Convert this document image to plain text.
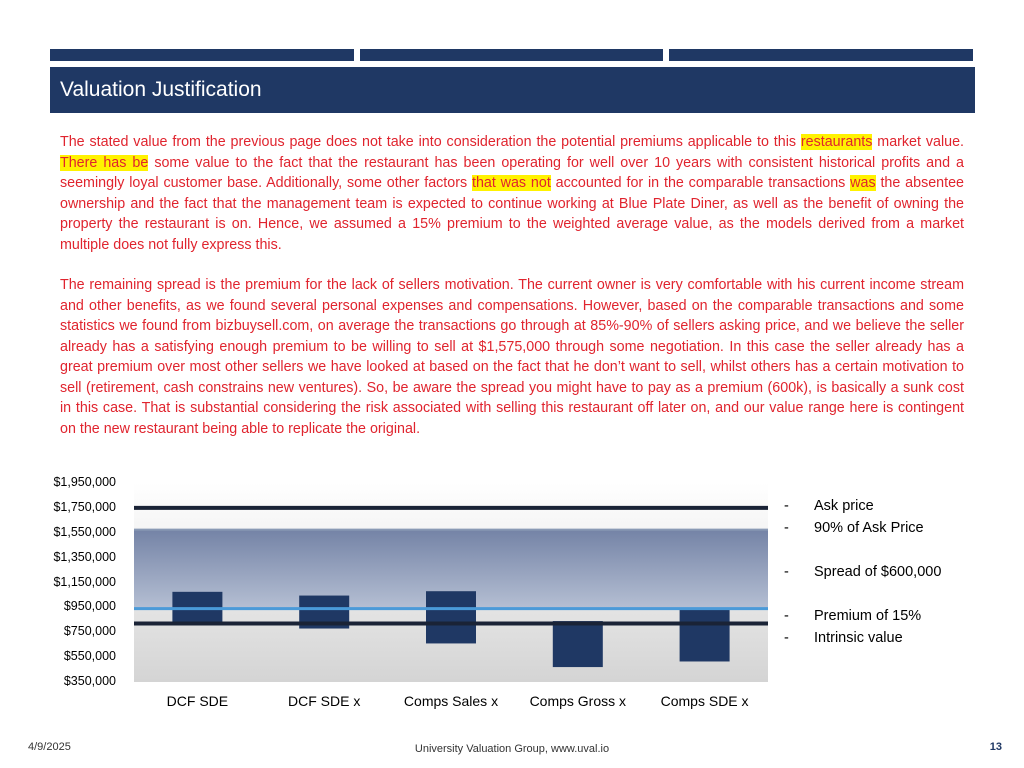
Valuation Justification

The stated value from the previous page does not take into consideration the potential premiums applicable to this restaurants market value. There has be some value to the fact that the restaurant has been operating for well over 10 years with consistent historical profits and a seemingly loyal customer base. Additionally, some other factors that was not accounted for in the comparable transactions was the absentee ownership and the fact that the management team is expected to continue working at Blue Plate Diner, as well as the benefit of owning the property the restaurant is on. Hence, we assumed a 15% premium to the weighted average value, as the models derived from a market multiple does not fully express this.

The remaining spread is the premium for the lack of sellers motivation. The current owner is very comfortable with his current income stream and other benefits, as we found several personal expenses and compensations. However, based on the comparable transactions and some statistics we found from bizbuysell.com, on average the transactions go through at 85%-90% of sellers asking price, and we believe the seller already has a satisfying enough premium to be willing to sell at $1,575,000 through some negotiation. In this case the seller already has a great premium over most other sellers we have looked at based on the fact that he don’t want to sell, whilst others has a certain motivation to sell (retirement, cash constrains new ventures). So, be aware the spread you might have to pay as a premium (600k), is basically a sunk cost in this case. That is substantial considering the risk associated with selling this restaurant off later on, and our value range here is contingent on the new restaurant being able to replicate the original.

$350,000
$550,000
$750,000
$950,000
$1,150,000
$1,350,000
$1,550,000
$1,750,000
$1,950,000
DCF SDE	DCF SDE x	Comps Sales x	Comps Gross x	Comps SDE x
- Ask price
- 90% of Ask Price
- Spread of $600,000
- Premium of 15%
- Intrinsic value
4/9/2025	University Valuation Group, www.uval.io	13
